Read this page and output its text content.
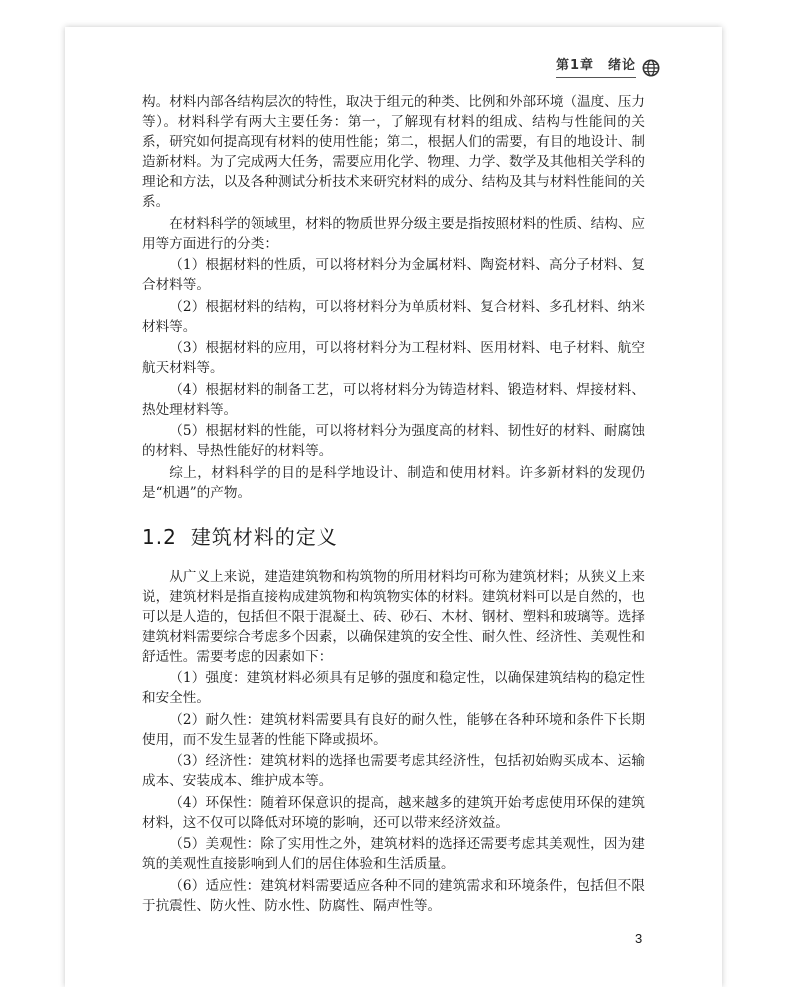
第1章　绪论

构。材料内部各结构层次的特性，取决于组元的种类、比例和外部环境（温度、压力等）。材料科学有两大主要任务：第一，了解现有材料的组成、结构与性能间的关系，研究如何提高现有材料的使用性能；第二，根据人们的需要，有目的地设计、制造新材料。为了完成两大任务，需要应用化学、物理、力学、数学及其他相关学科的理论和方法，以及各种测试分析技术来研究材料的成分、结构及其与材料性能间的关系。

在材料科学的领域里，材料的物质世界分级主要是指按照材料的性质、结构、应用等方面进行的分类：

（1）根据材料的性质，可以将材料分为金属材料、陶瓷材料、高分子材料、复合材料等。

（2）根据材料的结构，可以将材料分为单质材料、复合材料、多孔材料、纳米材料等。

（3）根据材料的应用，可以将材料分为工程材料、医用材料、电子材料、航空航天材料等。

（4）根据材料的制备工艺，可以将材料分为铸造材料、锻造材料、焊接材料、热处理材料等。

（5）根据材料的性能，可以将材料分为强度高的材料、韧性好的材料、耐腐蚀的材料、导热性能好的材料等。

综上，材料科学的目的是科学地设计、制造和使用材料。许多新材料的发现仍是“机遇”的产物。

1.2 建筑材料的定义

从广义上来说，建造建筑物和构筑物的所用材料均可称为建筑材料；从狭义上来说，建筑材料是指直接构成建筑物和构筑物实体的材料。建筑材料可以是自然的，也可以是人造的，包括但不限于混凝土、砖、砂石、木材、钢材、塑料和玻璃等。选择建筑材料需要综合考虑多个因素，以确保建筑的安全性、耐久性、经济性、美观性和舒适性。需要考虑的因素如下：

（1）强度：建筑材料必须具有足够的强度和稳定性，以确保建筑结构的稳定性和安全性。

（2）耐久性：建筑材料需要具有良好的耐久性，能够在各种环境和条件下长期使用，而不发生显著的性能下降或损坏。

（3）经济性：建筑材料的选择也需要考虑其经济性，包括初始购买成本、运输成本、安装成本、维护成本等。

（4）环保性：随着环保意识的提高，越来越多的建筑开始考虑使用环保的建筑材料，这不仅可以降低对环境的影响，还可以带来经济效益。

（5）美观性：除了实用性之外，建筑材料的选择还需要考虑其美观性，因为建筑的美观性直接影响到人们的居住体验和生活质量。

（6）适应性：建筑材料需要适应各种不同的建筑需求和环境条件，包括但不限于抗震性、防火性、防水性、防腐性、隔声性等。

3
